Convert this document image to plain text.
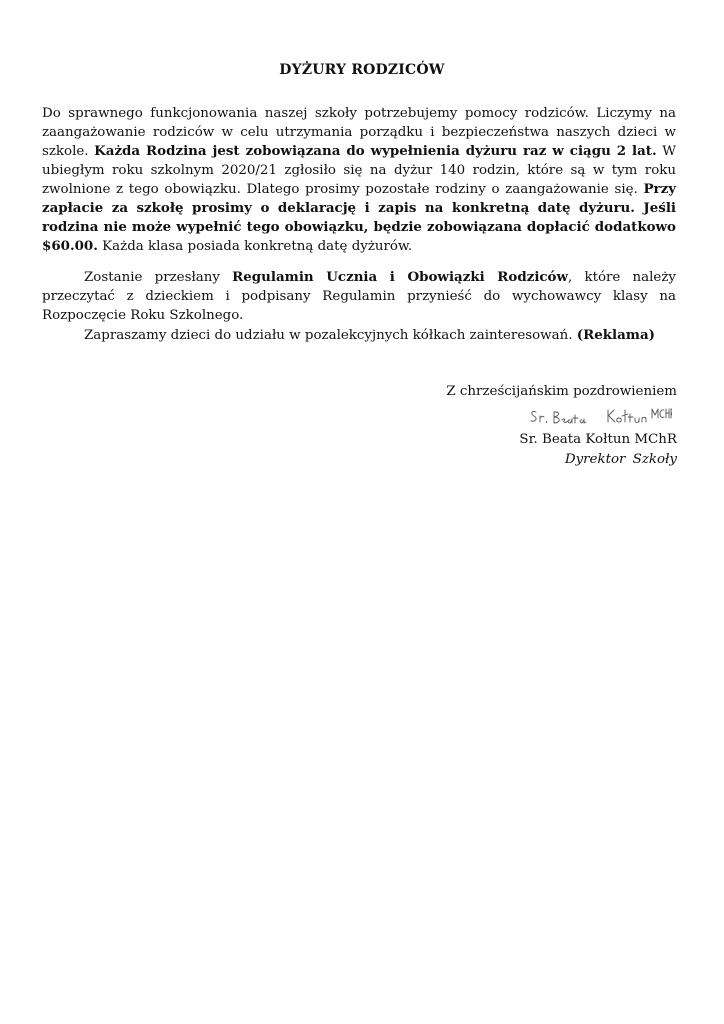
DYŻURY RODZICÓW

Do sprawnego funkcjonowania naszej szkoły potrzebujemy pomocy rodziców. Liczymy na zaangażowanie rodziców w celu utrzymania porządku i bezpieczeństwa naszych dzieci w szkole. Każda Rodzina jest zobowiązana do wypełnienia dyżuru raz w ciągu 2 lat. W ubiegłym roku szkolnym 2020/21 zgłosiło się na dyżur 140 rodzin, które są w tym roku zwolnione z tego obowiązku. Dlatego prosimy pozostałe rodziny o zaangażowanie się. Przy zapłacie za szkołę prosimy o deklarację i zapis na konkretną datę dyżuru. Jeśli rodzina nie może wypełnić tego obowiązku, będzie zobowiązana dopłacić dodatkowo $60.00. Każda klasa posiada konkretną datę dyżurów.

Zostanie przesłany Regulamin Ucznia i Obowiązki Rodziców, które należy przeczytać z dzieckiem i podpisany Regulamin przynieść do wychowawcy klasy na Rozpoczęcie Roku Szkolnego.

Zapraszamy dzieci do udziału w pozalekcyjnych kółkach zainteresowań. (Reklama)

Z chrześcijańskim pozdrowieniem
Sr. Beata Kołtun MChR
Dyrektor Szkoły
